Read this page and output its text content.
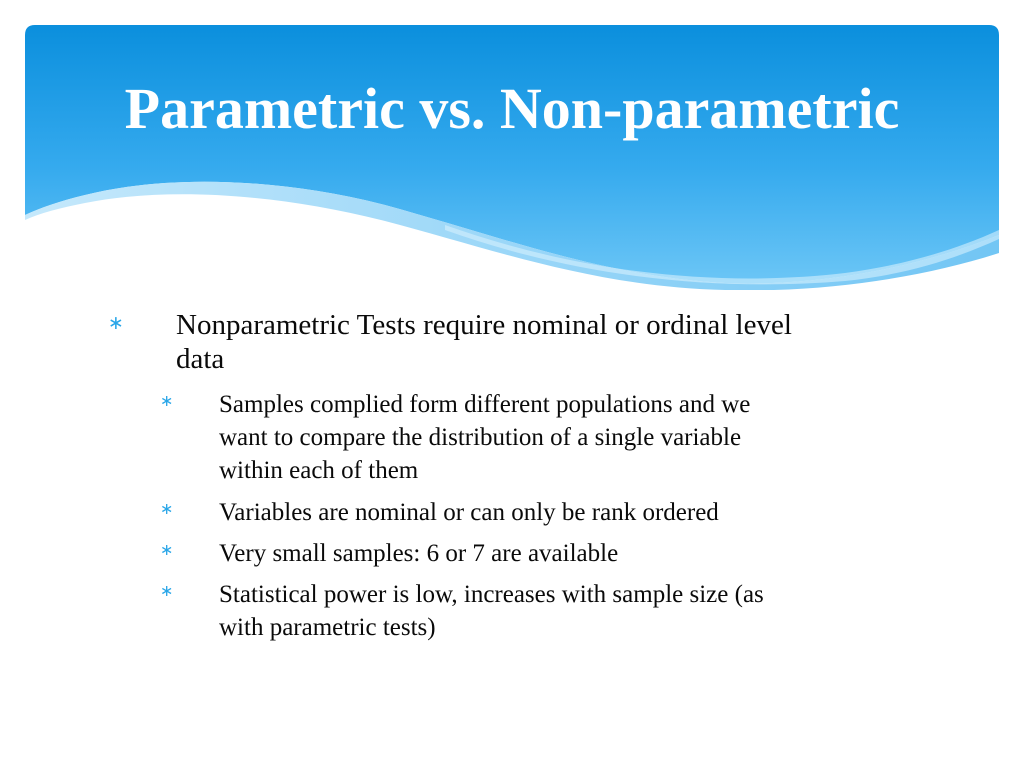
Parametric vs. Non-parametric
∗ Nonparametric Tests require nominal or ordinal level
data
∗ Samples complied form different populations and we
want to compare the distribution of a single variable
within each of them
∗ Variables are nominal or can only be rank ordered
∗ Very small samples: 6 or 7 are available
∗ Statistical power is low, increases with sample size (as
with parametric tests)
